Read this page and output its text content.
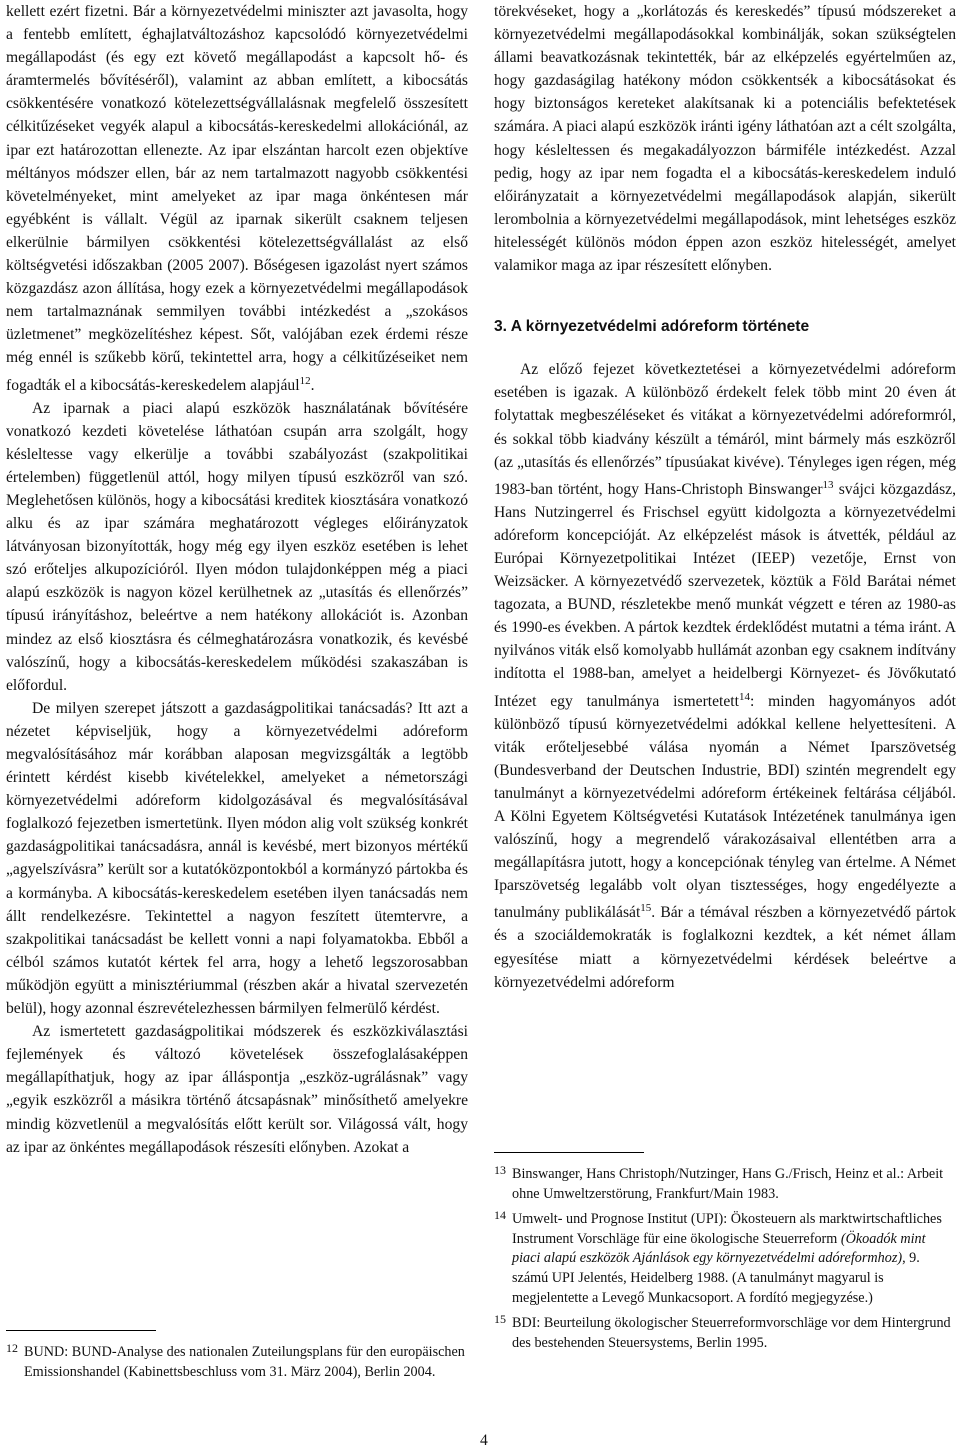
kellett ezért fizetni. Bár a környezetvédelmi miniszter azt javasolta, hogy a fentebb említett, éghajlatváltozáshoz kapcsolódó környezetvédelmi megállapodást (és egy ezt követő megállapodást a kapcsolt hő- és áramtermelés bővítéséről), valamint az abban említett, a kibocsátás csökkentésére vonatkozó kötelezettségvállalásnak megfelelő összesített célkitűzéseket vegyék alapul a kibocsátás-kereskedelmi allokációnál, az ipar ezt határozottan ellenezte. Az ipar elszántan harcolt ezen objektíve méltányos módszer ellen, bár az nem tartalmazott nagyobb csökkentési követelményeket, mint amelyeket az ipar maga önkéntesen már egyébként is vállalt. Végül az iparnak sikerült csaknem teljesen elkerülnie bármilyen csökkentési kötelezettségvállalást az első költségvetési időszakban (2005 2007). Bőségesen igazolást nyert számos közgazdász azon állítása, hogy ezek a környezetvédelmi megállapodások nem tartalmaznának semmilyen további intézkedést a „szokásos üzletmenet” megközelítéshez képest. Sőt, valójában ezek érdemi része még ennél is szűkebb körű, tekintettel arra, hogy a célkitűzéseiket nem fogadták el a kibocsátás-kereskedelem alapjául$^{12}$.

Az iparnak a piaci alapú eszközök használatának bővítésére vonatkozó kezdeti követelése láthatóan csupán arra szolgált, hogy késleltesse vagy elkerülje a további szabályozást (szakpolitikai értelemben) függetlenül attól, hogy milyen típusú eszközről van szó. Meglehetősen különös, hogy a kibocsátási kreditek kiosztására vonatkozó alku és az ipar számára meghatározott végleges előirányzatok látványosan bizonyították, hogy még egy ilyen eszköz esetében is lehet szó erőteljes alkupozícióról. Ilyen módon tulajdonképpen még a piaci alapú eszközök is nagyon közel kerülhetnek az „utasítás és ellenőrzés” típusú irányításhoz, beleértve a nem hatékony allokációt is. Azonban mindez az első kiosztásra és célmeghatározásra vonatkozik, és kevésbé valószínű, hogy a kibocsátás-kereskedelem működési szakaszában is előfordul.

De milyen szerepet játszott a gazdaságpolitikai tanácsadás? Itt azt a nézetet képviseljük, hogy a környezetvédelmi adóreform megvalósításához már korábban alaposan megvizsgálták a legtöbb érintett kérdést kisebb kivételekkel, amelyeket a németországi környezetvédelmi adóreform kidolgozásával és megvalósításával foglalkozó fejezetben ismertetünk. Ilyen módon alig volt szükség konkrét gazdaságpolitikai tanácsadásra, annál is kevésbé, mert bizonyos mértékű „agyelszívásra” került sor a kutatóközpontokból a kormányzó pártokba és a kormányba. A kibocsátás-kereskedelem esetében ilyen tanácsadás nem állt rendelkezésre. Tekintettel a nagyon feszített ütemtervre, a szakpolitikai tanácsadást be kellett vonni a napi folyamatokba. Ebből a célból számos kutatót kértek fel arra, hogy a lehető legszorosabban működjön együtt a minisztériummal (részben akár a hivatal szervezetén belül), hogy azonnal észrevételezhessen bármilyen felmerülő kérdést.

Az ismertetett gazdaságpolitikai módszerek és eszközkiválasztási fejlemények és változó követelések összefoglalásaképpen megállapíthatjuk, hogy az ipar álláspontja „eszköz-ugrálásnak” vagy „egyik eszközről a másikra történő átcsapásnak” minősíthető amelyekre mindig közvetlenül a megvalósítás előtt került sor. Világossá vált, hogy az ipar az önkéntes megállapodások részesíti előnyben. Azokat a

$^{12}$ BUND: BUND-Analyse des nationalen Zuteilungsplans für den europäischen Emissionshandel (Kabinettsbeschluss vom 31. März 2004), Berlin 2004.

törekvéseket, hogy a „korlátozás és kereskedés” típusú módszereket a környezetvédelmi megállapodásokkal kombinálják, sokan szükségtelen állami beavatkozásnak tekintették, bár az elképzelés egyértelműen az, hogy gazdaságilag hatékony módon csökkentsék a kibocsátásokat és hogy biztonságos kereteket alakítsanak ki a potenciális befektetések számára. A piaci alapú eszközök iránti igény láthatóan azt a célt szolgálta, hogy késleltessen és megakadályozzon bármiféle intézkedést. Azzal pedig, hogy az ipar nem fogadta el a kibocsátás-kereskedelem induló előirányzatait a környezetvédelmi megállapodások alapján, sikerült lerombolnia a környezetvédelmi megállapodások, mint lehetséges eszköz hitelességét különös módon éppen azon eszköz hitelességét, amelyet valamikor maga az ipar részesített előnyben.

3. A környezetvédelmi adóreform története

Az előző fejezet következtetései a környezetvédelmi adóreform esetében is igazak. A különböző érdekelt felek több mint 20 éven át folytattak megbeszéléseket és vitákat a környezetvédelmi adóreformról, és sokkal több kiadvány készült a témáról, mint bármely más eszközről (az „utasítás és ellenőrzés” típusúakat kivéve). Tényleges igen régen, még 1983-ban történt, hogy Hans-Christoph Binswanger$^{13}$ svájci közgazdász, Hans Nutzingerrel és Frischsel együtt kidolgozta a környezetvédelmi adóreform koncepcióját. Az elképzelést mások is átvették, például az Európai Környezetpolitikai Intézet (IEEP) vezetője, Ernst von Weizsäcker. A környezetvédő szervezetek, köztük a Föld Barátai német tagozata, a BUND, részletekbe menő munkát végzett e téren az 1980-as és 1990-es években. A pártok kezdtek érdeklődést mutatni a téma iránt. A nyilvános viták első komolyabb hullámát azonban egy csaknem indítvány indította el 1988-ban, amelyet a heidelbergi Környezet- és Jövőkutató Intézet egy tanulmánya ismertetett$^{14}$: minden hagyományos adót különböző típusú környezetvédelmi adókkal kellene helyettesíteni. A viták erőteljesebbé válása nyomán a Német Iparszövetség (Bundesverband der Deutschen Industrie, BDI) szintén megrendelt egy tanulmányt a környezetvédelmi adóreform értékeinek feltárása céljából. A Kölni Egyetem Költségvetési Kutatások Intézetének tanulmánya igen valószínű, hogy a megrendelő várakozásaival ellentétben arra a megállapításra jutott, hogy a koncepciónak tényleg van értelme. A Német Iparszövetség legalább volt olyan tisztességes, hogy engedélyezte a tanulmány publikálását$^{15}$. Bár a témával részben a környezetvédő pártok és a szociáldemokraták is foglalkozni kezdtek, a két német állam egyesítése miatt a környezetvédelmi kérdések beleértve a környezetvédelmi adóreform

$^{13}$ Binswanger, Hans Christoph/Nutzinger, Hans G./Frisch, Heinz et al.: Arbeit ohne Umweltzerstörung, Frankfurt/Main 1983.

$^{14}$ Umwelt- und Prognose Institut (UPI): Ökosteuern als marktwirtschaftliches Instrument Vorschläge für eine ökologische Steuerreform (Ökoadók mint piaci alapú eszközök Ajánlások egy környezetvédelmi adóreformhoz), 9. számú UPI Jelentés, Heidelberg 1988. (A tanulmányt magyarul is megjelentette a Levegő Munkacsoport. A fordító megjegyzése.)

$^{15}$ BDI: Beurteilung ökologischer Steuerreformvorschläge vor dem Hintergrund des bestehenden Steuersystems, Berlin 1995.

4
